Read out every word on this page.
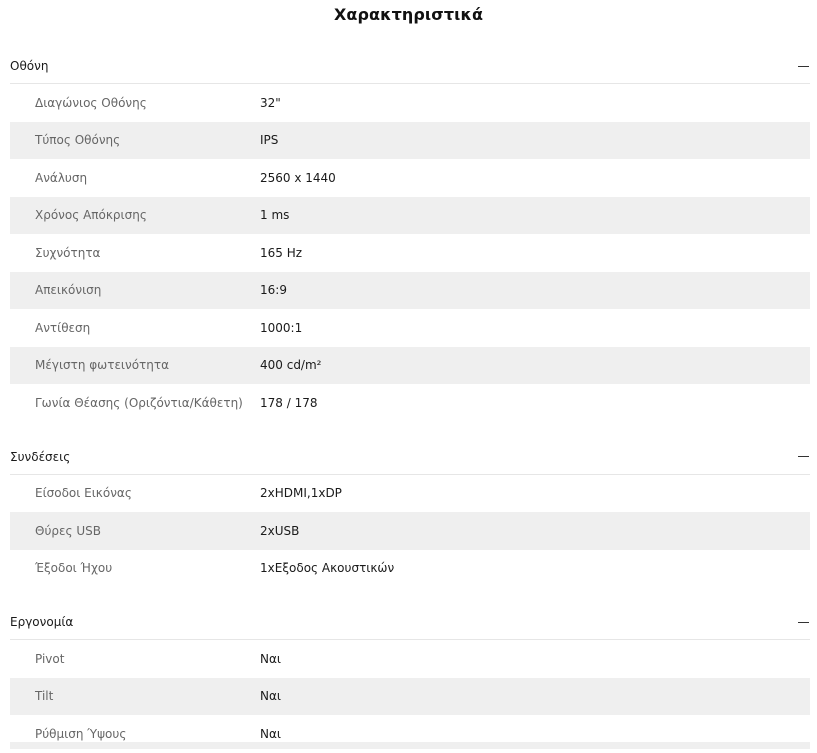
Χαρακτηριστικά
Οθόνη
Διαγώνιος Οθόνης	32"
Τύπος Οθόνης	IPS
Ανάλυση	2560 x 1440
Χρόνος Απόκρισης	1 ms
Συχνότητα	165 Hz
Απεικόνιση	16:9
Αντίθεση	1000:1
Μέγιστη φωτεινότητα	400 cd/m²
Γωνία Θέασης (Οριζόντια/Κάθετη)	178 / 178
Συνδέσεις
Είσοδοι Εικόνας	2xHDMI,1xDP
Θύρες USB	2xUSB
Έξοδοι Ήχου	1xΕξοδος Ακουστικών
Εργονομία
Pivot	Ναι
Tilt	Ναι
Ρύθμιση Ύψους	Ναι
